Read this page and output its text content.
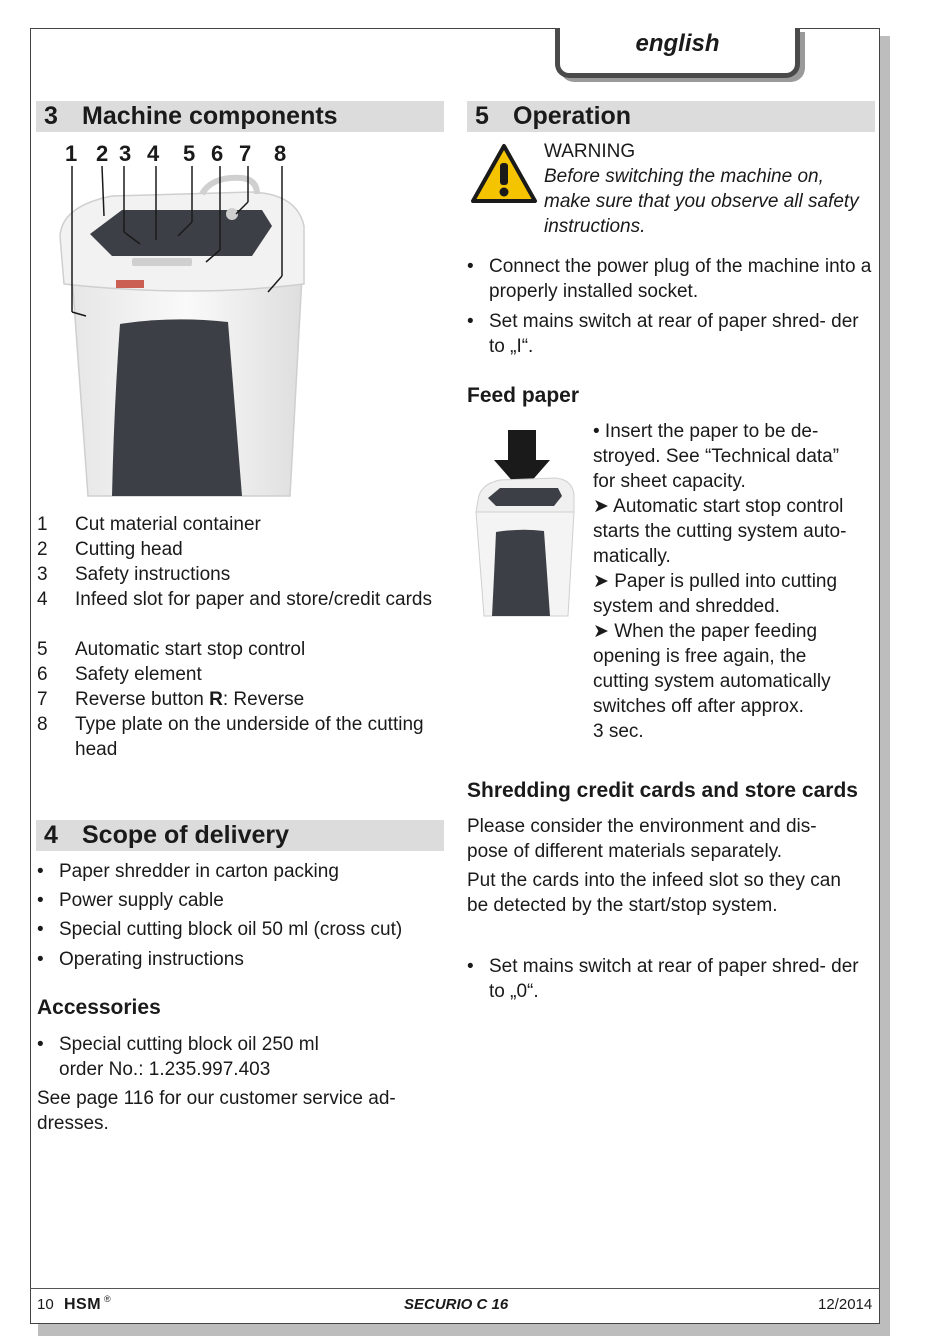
english
3 Machine components
1 2 3 4 5 6 7 8
1	Cut material container
2	Cutting head
3	Safety instructions
4	Infeed slot for paper and store/credit cards
5	Automatic start stop control
6	Safety element
7	Reverse button R: Reverse
8	Type plate on the underside of the cutting head
4 Scope of delivery
• Paper shredder in carton packing
• Power supply cable
• Special cutting block oil 50 ml (cross cut)
• Operating instructions
Accessories
• Special cutting block oil 250 ml
order No.: 1.235.997.403
See page 116 for our customer service ad- dresses.
5 Operation
WARNING
Before switching the machine on, make sure that you observe all safety instructions.
• Connect the power plug of the machine into a properly installed socket.
• Set mains switch at rear of paper shred- der to „I“.
Feed paper
• Insert the paper to be de-
stroyed. See “Technical data”
for sheet capacity.
➤ Automatic start stop control
starts the cutting system auto-
matically.
➤ Paper is pulled into cutting
system and shredded.
➤ When the paper feeding
opening is free again, the
cutting system automatically
switches off after approx.
3 sec.
Shredding credit cards and store cards
Please consider the environment and dis- pose of different materials separately.
Put the cards into the infeed slot so they can be detected by the start/stop system.
• Set mains switch at rear of paper shred- der to „0“.
10 HSM ®	SECURIO C 16	12/2014
